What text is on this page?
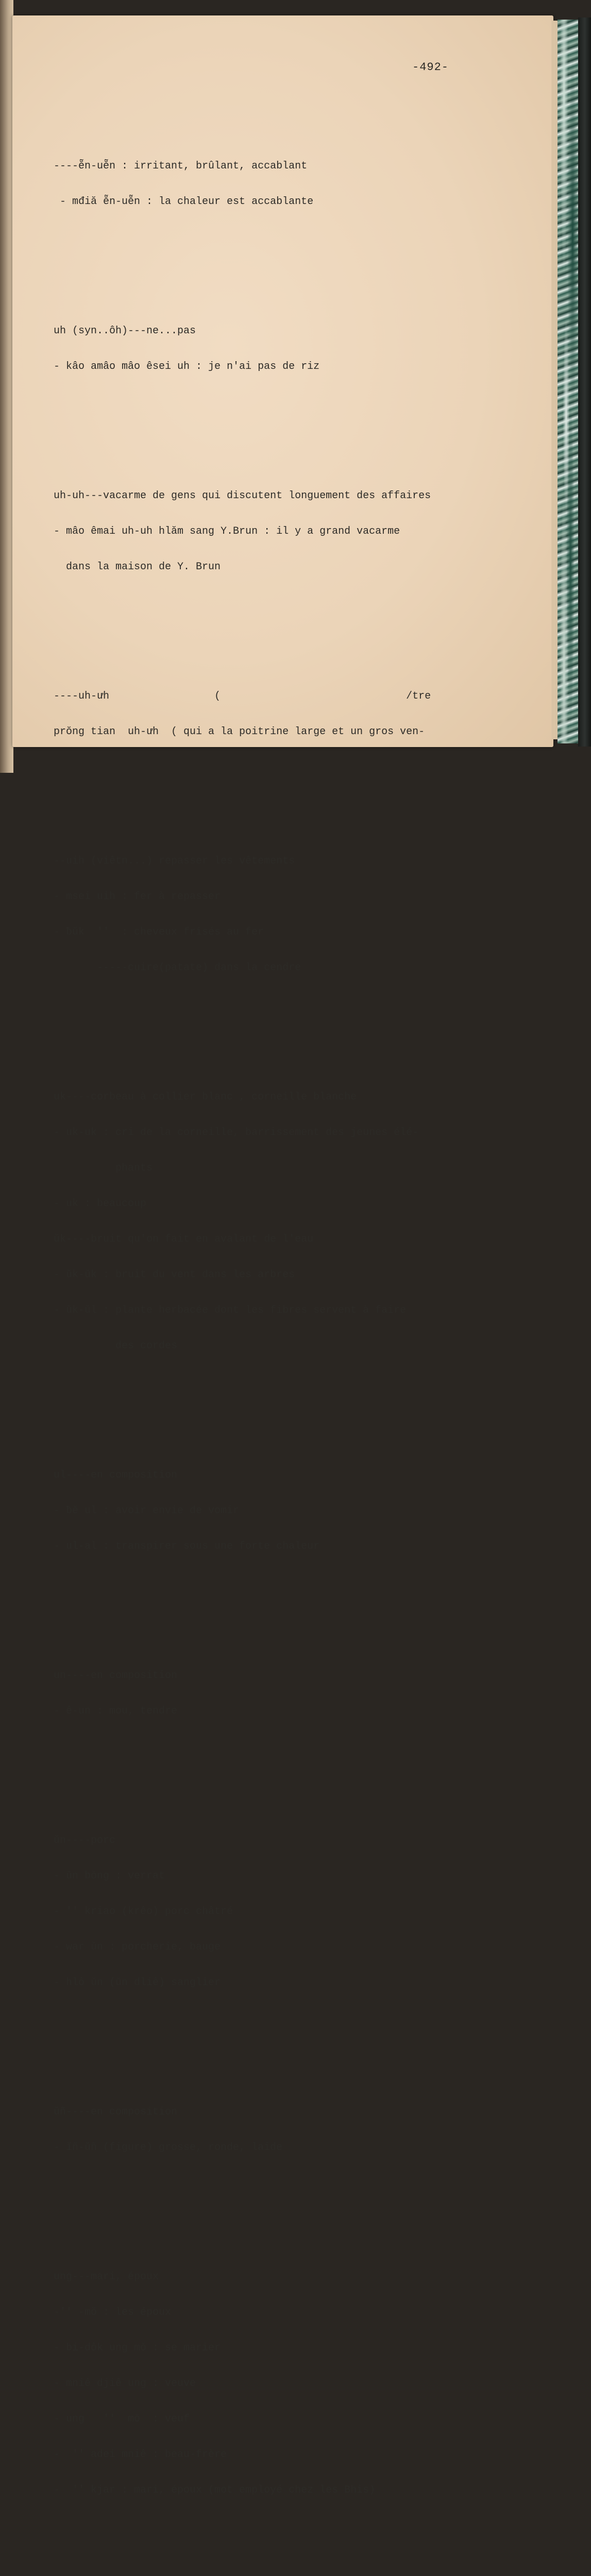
-492-

----ĕ̃n-uĕ̃n : irritant, brûlant, accablant

- mđiă ĕ̃n-uĕ̃n : la chaleur est accablante

uh (syn..ôh)---ne...pas

- kâo amâo mâo êsei uh : je n'ai pas de riz

uh-uh---vacarme de gens qui discutent longuement des affaires

- mâo êmai uh-uh hlăm sang Y.Brun : il y a grand vacarme

dans la maison de Y. Brun

----uh-ưh                 (                              /tre

prŏng tian  uh-ưh  ( qui a la poitrine large et un gros ven-

--uih (viêtn...) repasser les vêtements

- msei uih : fer à repasser

- ƀŭk  ''  : cheveux frisés au fer

-----cuire(patate) dans la cendre

uk----corbeau à collier blanc , corneille blanche

- uk-uk : cri de la corneille, barrissement des jeunes élé-

phants

- uk : beaucoup

ŭk----bruit qu'on fait en avalant de l'eau

- ŭk-ŭk : bruit du vent dans les arbres

- ŭk-ŭl : plante herbacée dont les fibres servent à faire

des cordes

ul----en composition

- ƀĕ ul : avoir envie de vomir

- ul-al : transpirer sous une forte chaleur

un----en composition

- ê-un : mou, tendre

ŭn----porc

- ŭn bŏng : verrat

- '' kriao (krêo) porc châtré

- war ŭn : porcherie, bauge

- hlô ŭn (ŭn dliê) sanglier

ŭñ----en composition

- ĭñ-ŭñ (figure) grosse, ronde, laide

ung---mari, époux

-'' -mŏ : les époux

- bi-dôk ung mŏ : se marier

- mniê djiê ung : veuve

- ung   ''  mŏ  : veuf

-  '' adei mniê : beau-frère

-  '' kjar : mari, époux (mot employé chez les Bhis)
